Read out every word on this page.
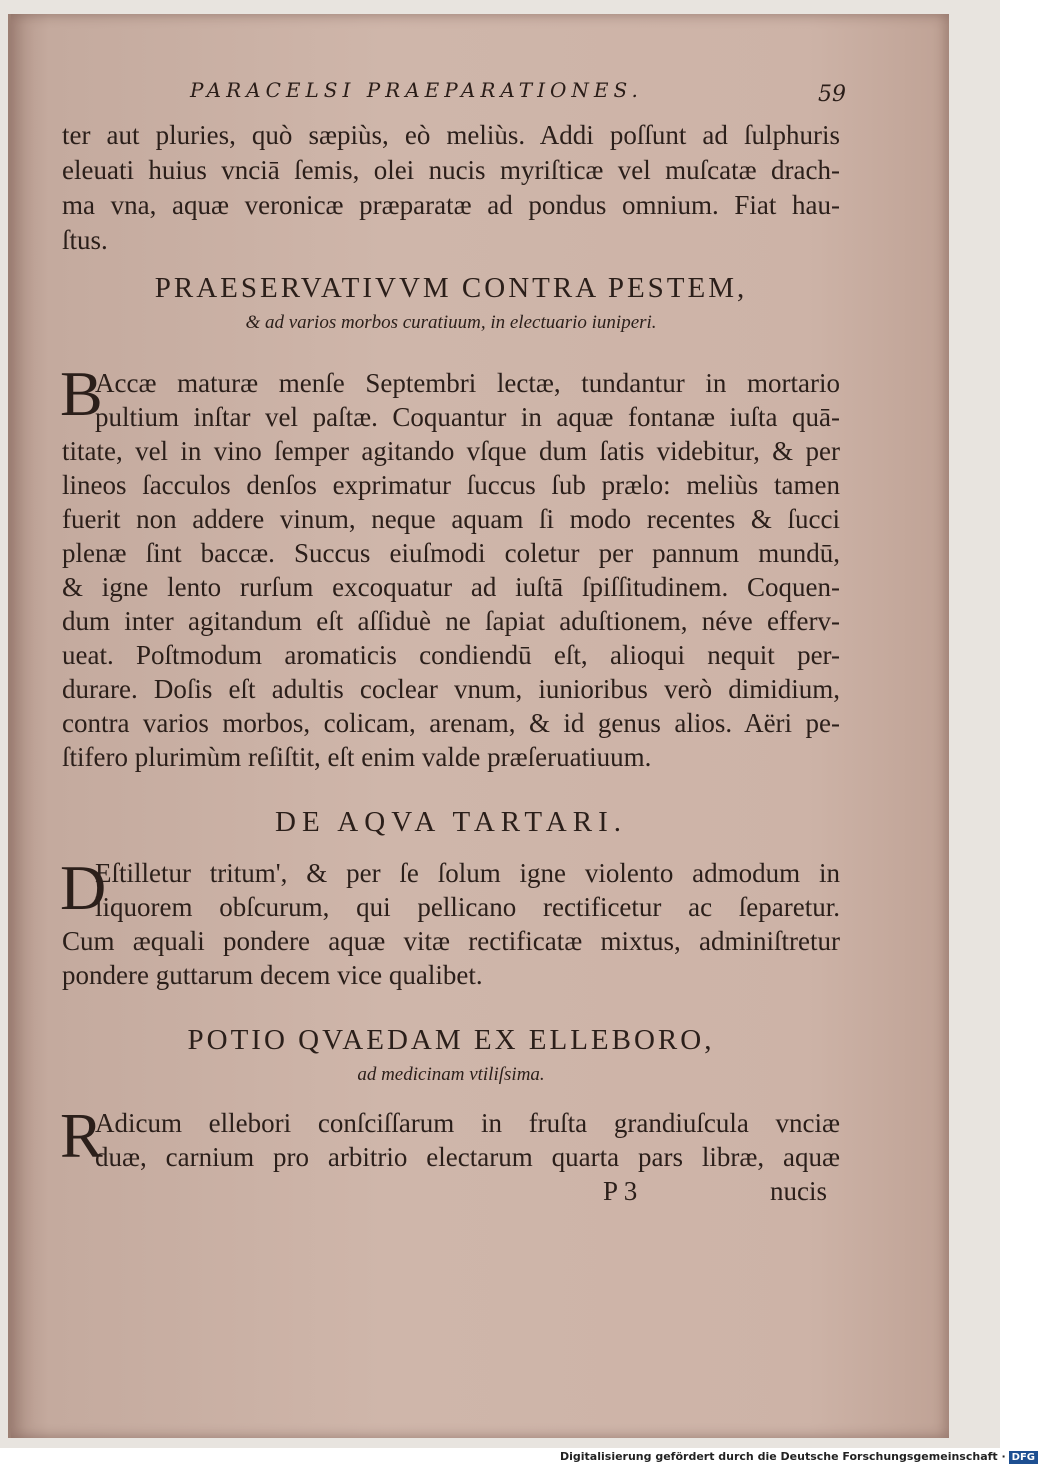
PARACELSI PRAEPARATIONES.	59
ter aut pluries, quò sæpiùs, eò meliùs. Addi poſſunt ad ſulphuris
eleuati huius vnciā ſemis, olei nucis myriſticæ vel muſcatæ drach-
ma vna, aquæ veronicæ præparatæ ad pondus omnium. Fiat hau-
ſtus.
PRAESERVATIVVM CONTRA PESTEM,
& ad varios morbos curatiuum, in electuario iuniperi.
B
Accæ maturæ menſe Septembri lectæ, tundantur in mortario
pultium inſtar vel paſtæ. Coquantur in aquæ fontanæ iuſta quā-
titate, vel in vino ſemper agitando vſque dum ſatis videbitur, & per
lineos ſacculos denſos exprimatur ſuccus ſub prælo: meliùs tamen
fuerit non addere vinum, neque aquam ſi modo recentes & ſucci
plenæ ſint baccæ. Succus eiuſmodi coletur per pannum mundū,
& igne lento rurſum excoquatur ad iuſtā ſpiſſitudinem. Coquen-
dum inter agitandum eſt aſſiduè ne ſapiat aduſtionem, néve efferv-
ueat. Poſtmodum aromaticis condiendū eſt, alioqui nequit per-
durare. Doſis eſt adultis coclear vnum, iunioribus verò dimidium,
contra varios morbos, colicam, arenam, & id genus alios. Aëri pe-
ſtifero plurimùm reſiſtit, eſt enim valde præſeruatiuum.
DE AQVA TARTARI.
D
Eſtilletur tritum', & per ſe ſolum igne violento admodum in
liquorem obſcurum, qui pellicano rectificetur ac ſeparetur.
Cum æquali pondere aquæ vitæ rectificatæ mixtus, adminiſtretur
pondere guttarum decem vice qualibet.
POTIO QVAEDAM EX ELLEBORO,
ad medicinam vtiliſsima.
R
Adicum ellebori conſciſſarum in fruſta grandiuſcula vnciæ
duæ, carnium pro arbitrio electarum quarta pars libræ, aquæ
P 3	nucis
Digitalisierung gefördert durch die Deutsche Forschungsgemeinschaft · DFG
